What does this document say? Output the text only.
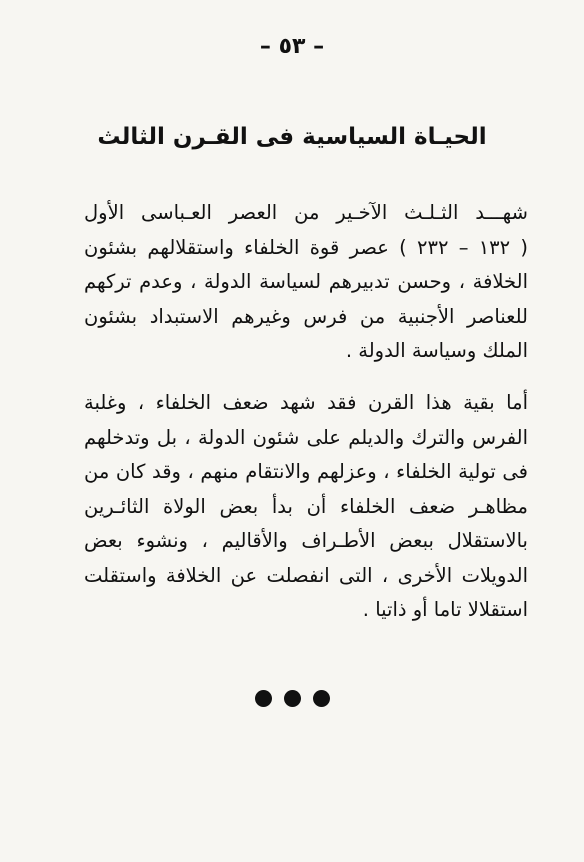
– ٥٣ –
الحيـاة السياسية فى القـرن الثالث
شهـــد الثـلـث الآخـير من العصر العـباسى الأول
( ١٣٢ – ٢٣٢ ) عصر قوة الخلفاء واستقلالهم بشئون
الخلافة ، وحسن تدبيرهم لسياسة الدولة ، وعدم تركهم
للعناصر الأجنبية من فرس وغيرهم الاستبداد بشئون
الملك وسياسة الدولة .
أما بقية هذا القرن فقد شهد ضعف الخلفاء ، وغلبة
الفرس والترك والديلم على شئون الدولة ، بل وتدخلهم
فى تولية الخلفاء ، وعزلهم والانتقام منهم ، وقد كان من
مظاهـر ضعف الخلفاء أن بدأ بعض الولاة الثائـرين
بالاستقلال ببعض الأطـراف والأقاليم ، ونشوء بعض
الدويلات الأخرى ، التى انفصلت عن الخلافة واستقلت
استقلالا تاما أو ذاتيا .
